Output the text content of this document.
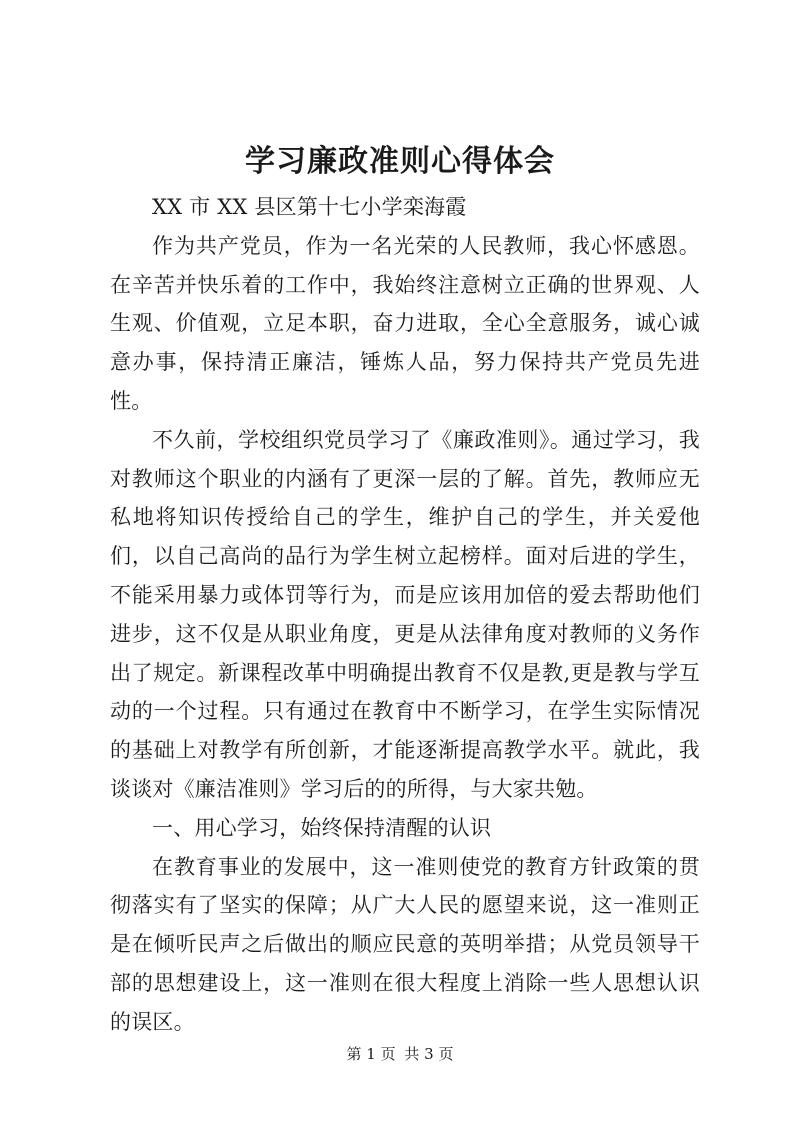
学习廉政准则心得体会

XX 市 XX 县区第十七小学栾海霞

作为共产党员，作为一名光荣的人民教师，我心怀感恩。在辛苦并快乐着的工作中，我始终注意树立正确的世界观、人生观、价值观，立足本职，奋力进取，全心全意服务，诚心诚意办事，保持清正廉洁，锤炼人品，努力保持共产党员先进性。

不久前，学校组织党员学习了《廉政准则》。通过学习，我对教师这个职业的内涵有了更深一层的了解。首先，教师应无私地将知识传授给自己的学生，维护自己的学生，并关爱他们，以自己高尚的品行为学生树立起榜样。面对后进的学生，不能采用暴力或体罚等行为，而是应该用加倍的爱去帮助他们进步，这不仅是从职业角度，更是从法律角度对教师的义务作出了规定。新课程改革中明确提出教育不仅是教,更是教与学互动的一个过程。只有通过在教育中不断学习，在学生实际情况的基础上对教学有所创新，才能逐渐提高教学水平。就此，我谈谈对《廉洁准则》学习后的的所得，与大家共勉。

一、用心学习，始终保持清醒的认识

在教育事业的发展中，这一准则使党的教育方针政策的贯彻落实有了坚实的保障；从广大人民的愿望来说，这一准则正是在倾听民声之后做出的顺应民意的英明举措；从党员领导干部的思想建设上，这一准则在很大程度上消除一些人思想认识的误区。

第 1 页 共 3 页
